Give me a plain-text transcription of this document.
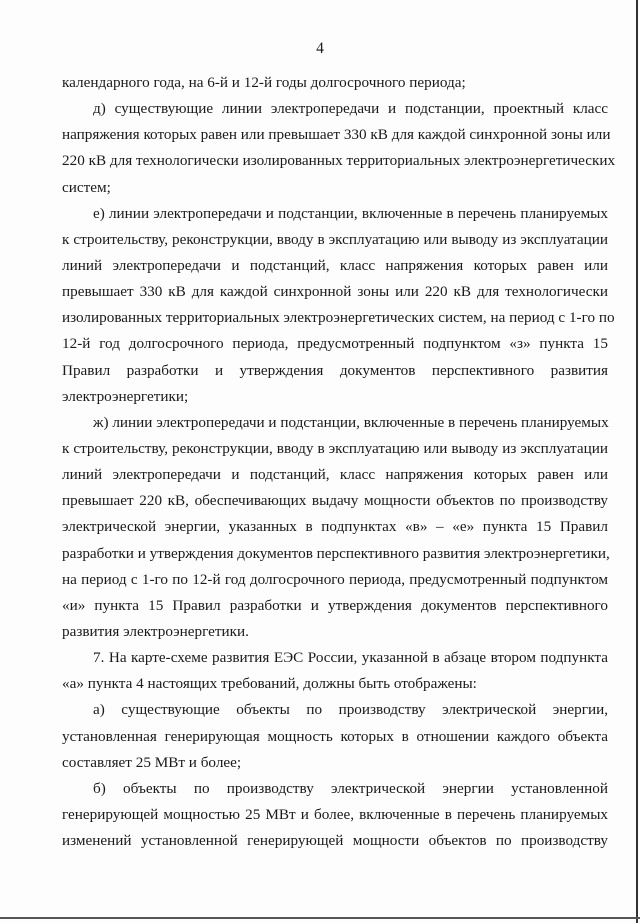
4
календарного года, на 6-й и 12-й годы долгосрочного периода;
д) существующие линии электропередачи и подстанции, проектный класс
напряжения которых равен или превышает 330 кВ для каждой синхронной зоны или
220 кВ для технологически изолированных территориальных электроэнергетических
систем;
е) линии электропередачи и подстанции, включенные в перечень планируемых
к строительству, реконструкции, вводу в эксплуатацию или выводу из эксплуатации
линий электропередачи и подстанций, класс напряжения которых равен или
превышает 330 кВ для каждой синхронной зоны или 220 кВ для технологически
изолированных территориальных электроэнергетических систем, на период с 1-го по
12-й год долгосрочного периода, предусмотренный подпунктом «з» пункта 15
Правил разработки и утверждения документов перспективного развития
электроэнергетики;
ж) линии электропередачи и подстанции, включенные в перечень планируемых
к строительству, реконструкции, вводу в эксплуатацию или выводу из эксплуатации
линий электропередачи и подстанций, класс напряжения которых равен или
превышает 220 кВ, обеспечивающих выдачу мощности объектов по производству
электрической энергии, указанных в подпунктах «в» – «е» пункта 15 Правил
разработки и утверждения документов перспективного развития электроэнергетики,
на период с 1-го по 12-й год долгосрочного периода, предусмотренный подпунктом
«и» пункта 15 Правил разработки и утверждения документов перспективного
развития электроэнергетики.
7. На карте-схеме развития ЕЭС России, указанной в абзаце втором подпункта
«а» пункта 4 настоящих требований, должны быть отображены:
а) существующие объекты по производству электрической энергии,
установленная генерирующая мощность которых в отношении каждого объекта
составляет 25 МВт и более;
б) объекты по производству электрической энергии установленной
генерирующей мощностью 25 МВт и более, включенные в перечень планируемых
изменений установленной генерирующей мощности объектов по производству
